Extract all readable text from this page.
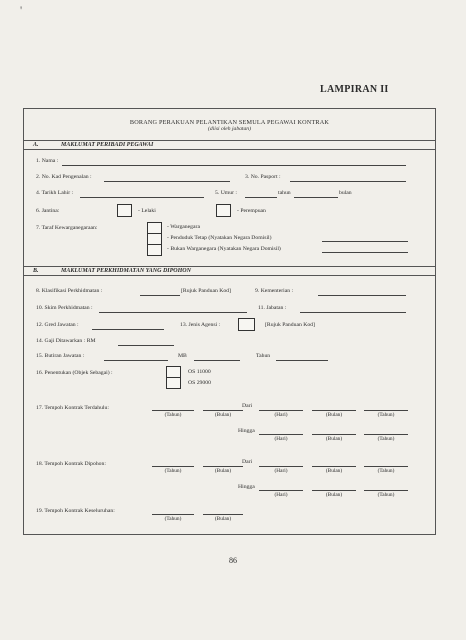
'
LAMPIRAN II
BORANG PERAKUAN PELANTIKAN SEMULA PEGAWAI KONTRAK
(diisi oleh jabatan)
A.	MAKLUMAT PERIBADI PEGAWAI
1. Nama :
2. No. Kad Pengenalan :	3. No. Pasport :
4. Tarikh Lahir :	5. Umur :	tahun	bulan
6. Jantina:	- Lelaki	- Perempuan
7. Taraf Kewarganegaraan:	- Warganegara
- Penduduk Tetap (Nyatakan Negara Domisil)
- Bukan Warganegara (Nyatakan Negara Domisil)
B.	MAKLUMAT PERKHIDMATAN YANG DIPOHON
8. Klasifikasi Perkhidmatan :	[Rujuk Panduan Kod]	9. Kementerian :
10. Skim Perkhidmatan :	11. Jabatan :
12. Gred Jawatan :	13. Jenis Agensi :	[Rujuk Panduan Kod]
14. Gaji Ditawarkan : RM
15. Butiran Jawatan :	MB	Tahun
16. Penentukan (Objek Sebagai) :	OS 11000
OS 29000
17. Tempoh Kontrak Terdahulu:
(Tahun)	(Bulan)
Dari
(Hari)	(Bulan)	(Tahun)
Hingga
(Hari)	(Bulan)	(Tahun)
18. Tempoh Kontrak Dipohon:
(Tahun)	(Bulan)
Dari
(Hari)	(Bulan)	(Tahun)
Hingga
(Hari)	(Bulan)	(Tahun)
19. Tempoh Kontrak Keseluruhan:
(Tahun)	(Bulan)
86
